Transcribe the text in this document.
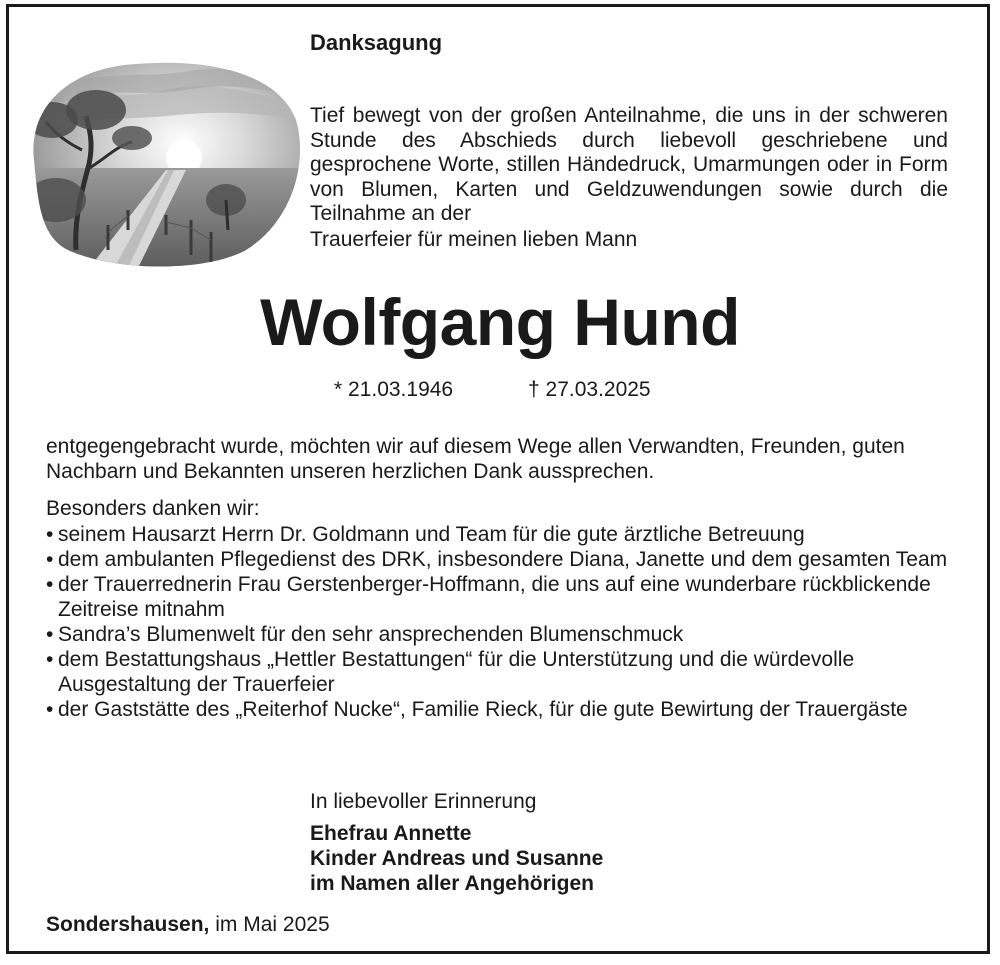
Danksagung

Tief bewegt von der großen Anteilnahme, die uns in der schweren Stunde des Abschieds durch liebevoll geschriebene und gesprochene Worte, stillen Händedruck, Umarmungen oder in Form von Blumen, Karten und Geldzuwendungen sowie durch die Teilnahme an der

Trauerfeier für meinen lieben Mann

Wolfgang Hund

* 21.03.1946	† 27.03.2025

entgegengebracht wurde, möchten wir auf diesem Wege allen Verwandten, Freunden, guten Nachbarn und Bekannten unseren herzlichen Dank aussprechen.

Besonders danken wir:

• seinem Hausarzt Herrn Dr. Goldmann und Team für die gute ärztliche Betreuung
• dem ambulanten Pflegedienst des DRK, insbesondere Diana, Janette und dem gesamten Team
• der Trauerrednerin Frau Gerstenberger-Hoffmann, die uns auf eine wunderbare rückblickende Zeitreise mitnahm
• Sandra’s Blumenwelt für den sehr ansprechenden Blumenschmuck
• dem Bestattungshaus „Hettler Bestattungen“ für die Unterstützung und die würdevolle Ausgestaltung der Trauerfeier
• der Gaststätte des „Reiterhof Nucke“, Familie Rieck, für die gute Bewirtung der Trauergäste

In liebevoller Erinnerung

Ehefrau Annette
Kinder Andreas und Susanne
im Namen aller Angehörigen

Sondershausen, im Mai 2025
